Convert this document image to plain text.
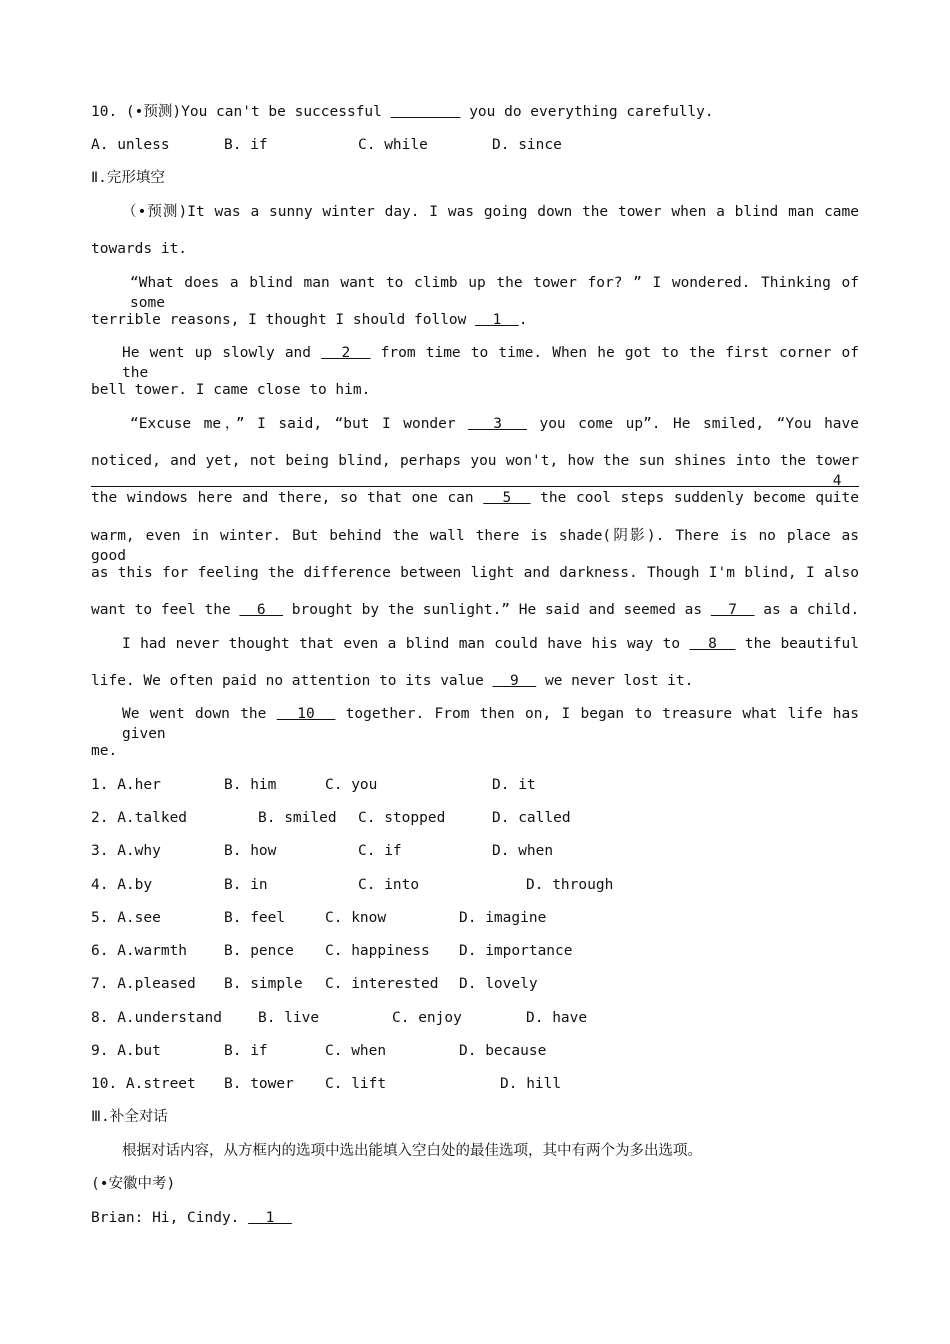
10. (•预测)You can't be successful	you do everything carefully.
A. unless	B. if	C. while	D. since
Ⅱ.完形填空
（•预测)It was a sunny winter day. I was going down the tower when a blind man came
towards it.
“What does a blind man want to climb up the tower for? ” I wondered. Thinking of some
terrible reasons, I thought I should follow   1  .
He went up slowly and   2   from time to time. When he got to the first corner of the
bell tower. I came close to him.
“Excuse me，” I said, “but I wonder   3   you come up”. He smiled, “You have
noticed, and yet, not being blind, perhaps you won't, how the sun shines into the tower   4
the windows here and there, so that one can   5   the cool steps suddenly become quite
warm, even in winter. But behind the wall there is shade(阴影). There is no place as good
as this for feeling the difference between light and darkness. Though I'm blind, I also
want to feel the   6   brought by the sunlight.” He said and seemed as   7   as a child.
I had never thought that even a blind man could have his way to   8   the beautiful
life. We often paid no attention to its value   9   we never lost it.
We went down the   10   together. From then on, I began to treasure what life has given
me.
1. A.her	B. him	C. you	D. it
2. A.talked	B. smiled C. stopped	D. called
3. A.why	B. how	C. if	D. when
4. A.by	B. in	C. into	D. through
5. A.see	B. feel	C. know	D. imagine
6. A.warmth	B. pence C. happiness D. importance
7. A.pleased B. simple C. interested D. lovely
8. A.understand B. live	C. enjoy	D. have
9. A.but	B. if	C. when	D. because
10. A.street B. tower C. lift	D. hill
Ⅲ.补全对话
根据对话内容，从方框内的选项中选出能填入空白处的最佳选项，其中有两个为多出选项。
(•安徽中考)
Brian: Hi, Cindy.   1
